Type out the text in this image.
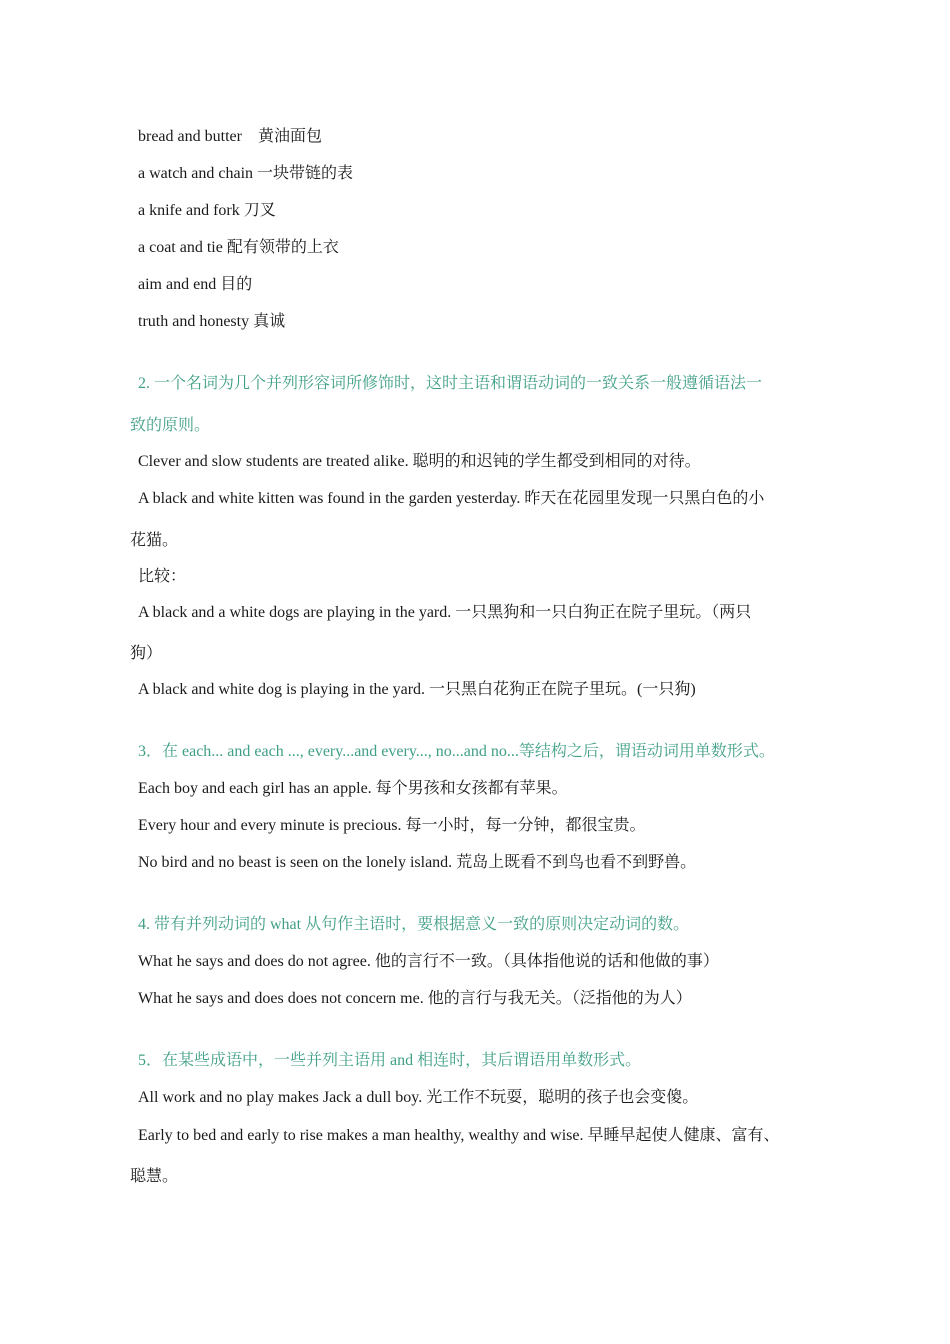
bread and butter　黄油面包
a watch and chain 一块带链的表
a knife and fork 刀叉
a coat and tie 配有领带的上衣
aim and end 目的
truth and honesty 真诚
2. 一个名词为几个并列形容词所修饰时，这时主语和谓语动词的一致关系一般遵循语法一
致的原则。
Clever and slow students are treated alike. 聪明的和迟钝的学生都受到相同的对待。
A black and white kitten was found in the garden yesterday. 昨天在花园里发现一只黑白色的小
花猫。
比较：
A black and a white dogs are playing in the yard. 一只黑狗和一只白狗正在院子里玩。（两只
狗）
A black and white dog is playing in the yard. 一只黑白花狗正在院子里玩。(一只狗)
3．在 each... and each ..., every...and every..., no...and no...等结构之后，谓语动词用单数形式。
Each boy and each girl has an apple. 每个男孩和女孩都有苹果。
Every hour and every minute is precious. 每一小时，每一分钟，都很宝贵。
No bird and no beast is seen on the lonely island. 荒岛上既看不到鸟也看不到野兽。
4. 带有并列动词的 what 从句作主语时，要根据意义一致的原则决定动词的数。
What he says and does do not agree. 他的言行不一致。（具体指他说的话和他做的事）
What he says and does does not concern me. 他的言行与我无关。（泛指他的为人）
5．在某些成语中，一些并列主语用 and 相连时，其后谓语用单数形式。
All work and no play makes Jack a dull boy. 光工作不玩耍，聪明的孩子也会变傻。
Early to bed and early to rise makes a man healthy, wealthy and wise. 早睡早起使人健康、富有、
聪慧。
